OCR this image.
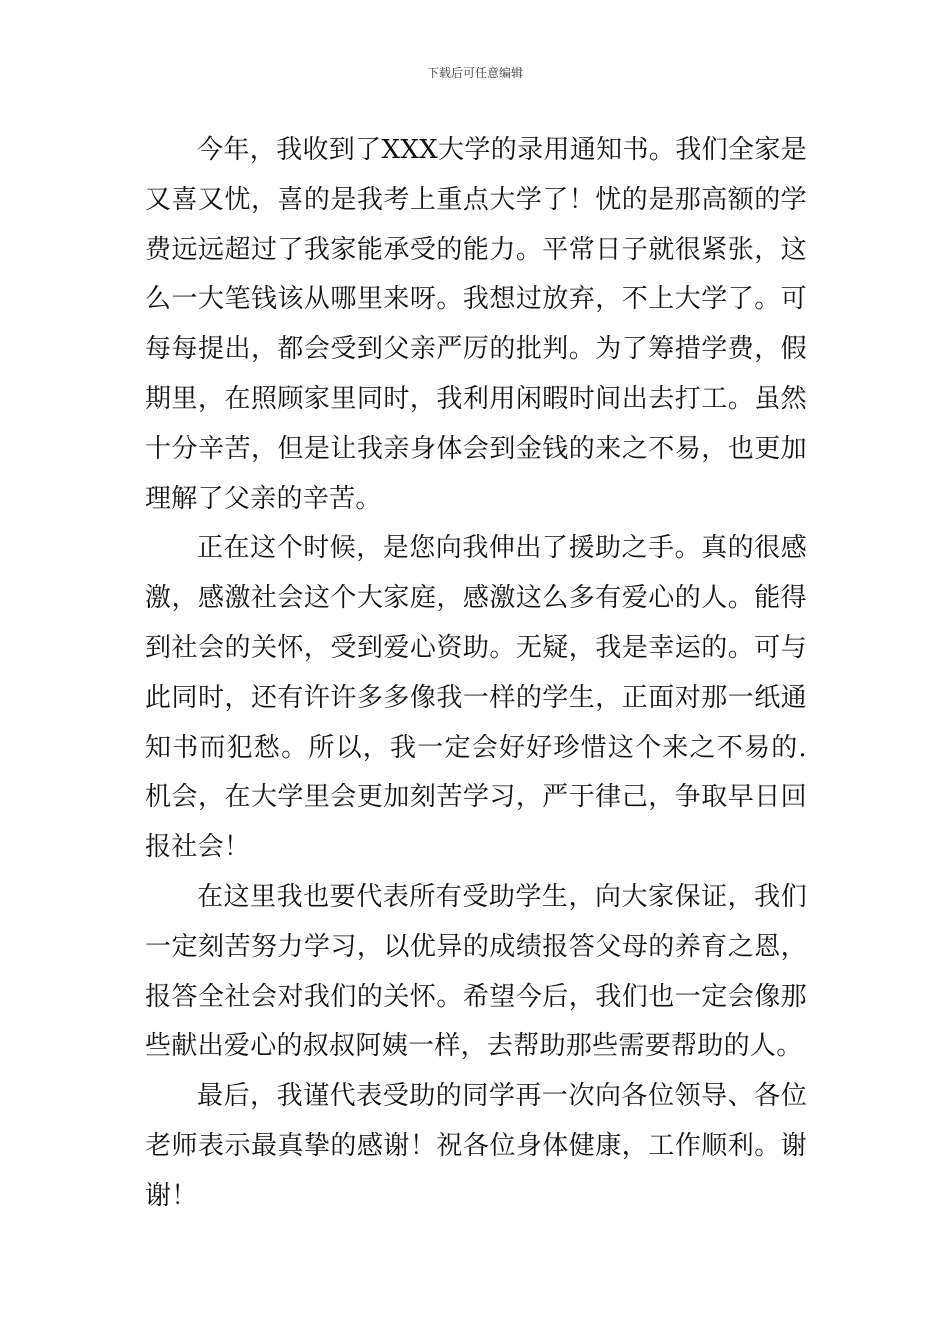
下载后可任意编辑

今年，我收到了XXX大学的录用通知书。我们全家是又喜又忧，喜的是我考上重点大学了！忧的是那高额的学费远远超过了我家能承受的能力。平常日子就很紧张，这么一大笔钱该从哪里来呀。我想过放弃，不上大学了。可每每提出，都会受到父亲严厉的批判。为了筹措学费，假期里，在照顾家里同时，我利用闲暇时间出去打工。虽然十分辛苦，但是让我亲身体会到金钱的来之不易，也更加理解了父亲的辛苦。

正在这个时候，是您向我伸出了援助之手。真的很感激，感激社会这个大家庭，感激这么多有爱心的人。能得到社会的关怀，受到爱心资助。无疑，我是幸运的。可与此同时，还有许许多多像我一样的学生，正面对那一纸通知书而犯愁。所以，我一定会好好珍惜这个来之不易的.机会，在大学里会更加刻苦学习，严于律己，争取早日回报社会！

在这里我也要代表所有受助学生，向大家保证，我们一定刻苦努力学习，以优异的成绩报答父母的养育之恩，报答全社会对我们的关怀。希望今后，我们也一定会像那些献出爱心的叔叔阿姨一样，去帮助那些需要帮助的人。

最后，我谨代表受助的同学再一次向各位领导、各位老师表示最真挚的感谢！祝各位身体健康，工作顺利。谢谢！
